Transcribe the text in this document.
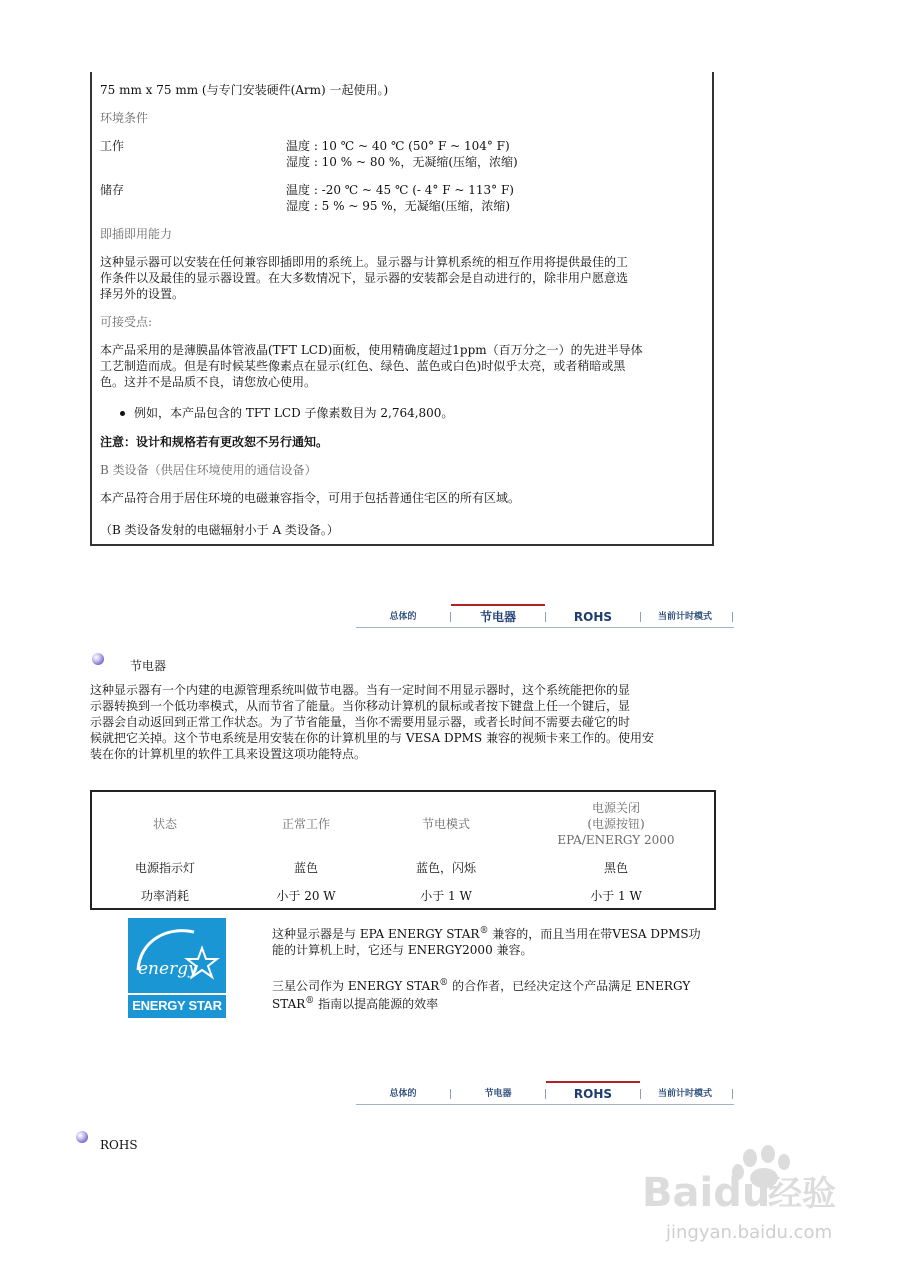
75 mm x 75 mm (与专门安装硬件(Arm) 一起使用。)
环境条件
工作	温度 : 10 ℃ ~ 40 ℃ (50° F ~ 104° F)
湿度 : 10 % ~ 80 %，无凝缩(压缩，浓缩)
储存	温度 : -20 ℃ ~ 45 ℃ (- 4° F ~ 113° F)
湿度 : 5 % ~ 95 %，无凝缩(压缩，浓缩)
即插即用能力
这种显示器可以安装在任何兼容即插即用的系统上。显示器与计算机系统的相互作用将提供最佳的工
作条件以及最佳的显示器设置。在大多数情况下，显示器的安装都会是自动进行的，除非用户愿意选
择另外的设置。
可接受点:
本产品采用的是薄膜晶体管液晶(TFT LCD)面板，使用精确度超过1ppm（百万分之一）的先进半导体
工艺制造而成。但是有时候某些像素点在显示(红色、绿色、蓝色或白色)时似乎太亮，或者稍暗或黑
色。这并不是品质不良，请您放心使用。
例如，本产品包含的 TFT LCD 子像素数目为 2,764,800。
注意：设计和规格若有更改恕不另行通知。
B 类设备（供居住环境使用的通信设备）
本产品符合用于居住环境的电磁兼容指令，可用于包括普通住宅区的所有区域。
（B 类设备发射的电磁辐射小于 A 类设备。）
总体的	节电器	ROHS	当前计时模式
节电器
这种显示器有一个内建的电源管理系统叫做节电器。当有一定时间不用显示器时，这个系统能把你的显
示器转换到一个低功率模式，从而节省了能量。当你移动计算机的鼠标或者按下键盘上任一个键后，显
示器会自动返回到正常工作状态。为了节省能量，当你不需要用显示器，或者长时间不需要去碰它的时
候就把它关掉。这个节电系统是用安装在你的计算机里的与 VESA DPMS 兼容的视频卡来工作的。使用安
装在你的计算机里的软件工具来设置这项功能特点。
状态	正常工作	节电模式
电源关闭
(电源按钮)
EPA/ENERGY 2000
电源指示灯	蓝色	蓝色，闪烁	黑色
功率消耗	小于 20 W	小于 1 W	小于 1 W
energy
ENERGY STAR
这种显示器是与 EPA ENERGY STAR® 兼容的，而且当用在带VESA DPMS功
能的计算机上时，它还与 ENERGY2000 兼容。
三星公司作为 ENERGY STAR® 的合作者，已经决定这个产品满足 ENERGY
STAR® 指南以提高能源的效率
总体的	节电器	ROHS	当前计时模式
ROHS
Baidu
经验
jingyan.baidu.com
